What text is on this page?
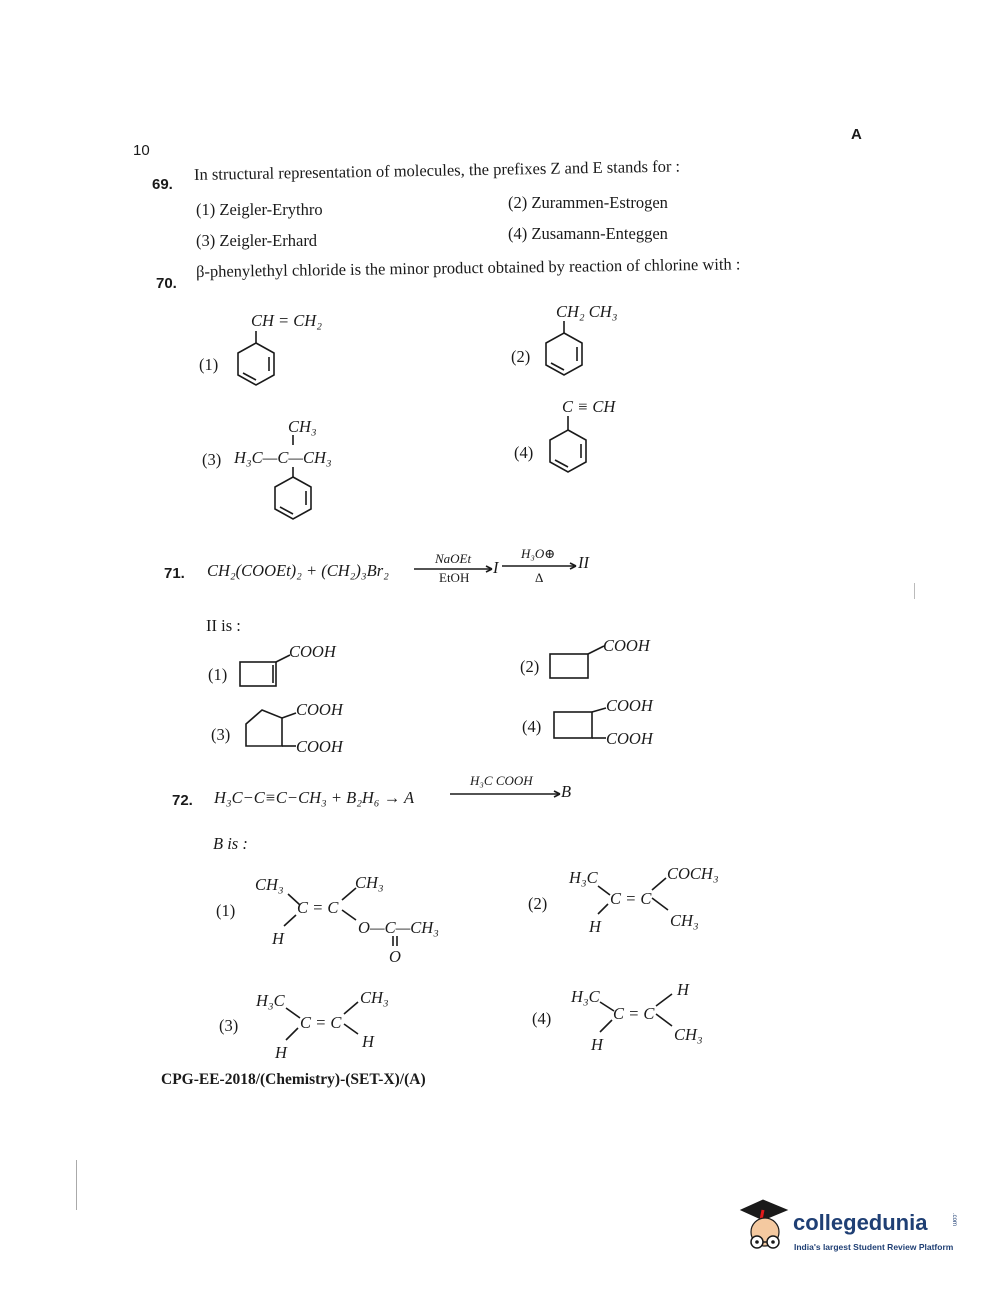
10
A
69.
In structural representation of molecules, the prefixes Z and E stands for :
(1) Zeigler-Erythro	(2) Zurammen-Estrogen
(3) Zeigler-Erhard	(4) Zusamann-Enteggen
70.
β-phenylethyl chloride is the minor product obtained by reaction of chlorine with :
(1)
CH = CH₂
(2)
CH₂ CH₃
(3)
CH₃
H₃C—C—CH₃	(4)
C ≡ CH
71. CH₂(COOEt)₂ + (CH₂)₃Br₂
NaOEt
EtOH
I
H₃O⊕
Δ
II
II is :
(1)
COOH
(2)
COOH
(3)
COOH
COOH
(4)
COOH
COOH
72. H₃C−C≡C−CH₃ + B₂H₆ → A
H₃C COOH
B
B is :
(1)
CH₃	CH₃
C = C
H
O—C—CH₃
O
(2)
H₃C	COCH₃
C = C
H	CH₃
(3)
H₃C	CH₃
C = C
H
H
(4)
H₃C	H
C = C
H
CH₃
CPG-EE-2018/(Chemistry)-(SET-X)/(A)
collegedunia	.com
India's largest Student Review Platform
